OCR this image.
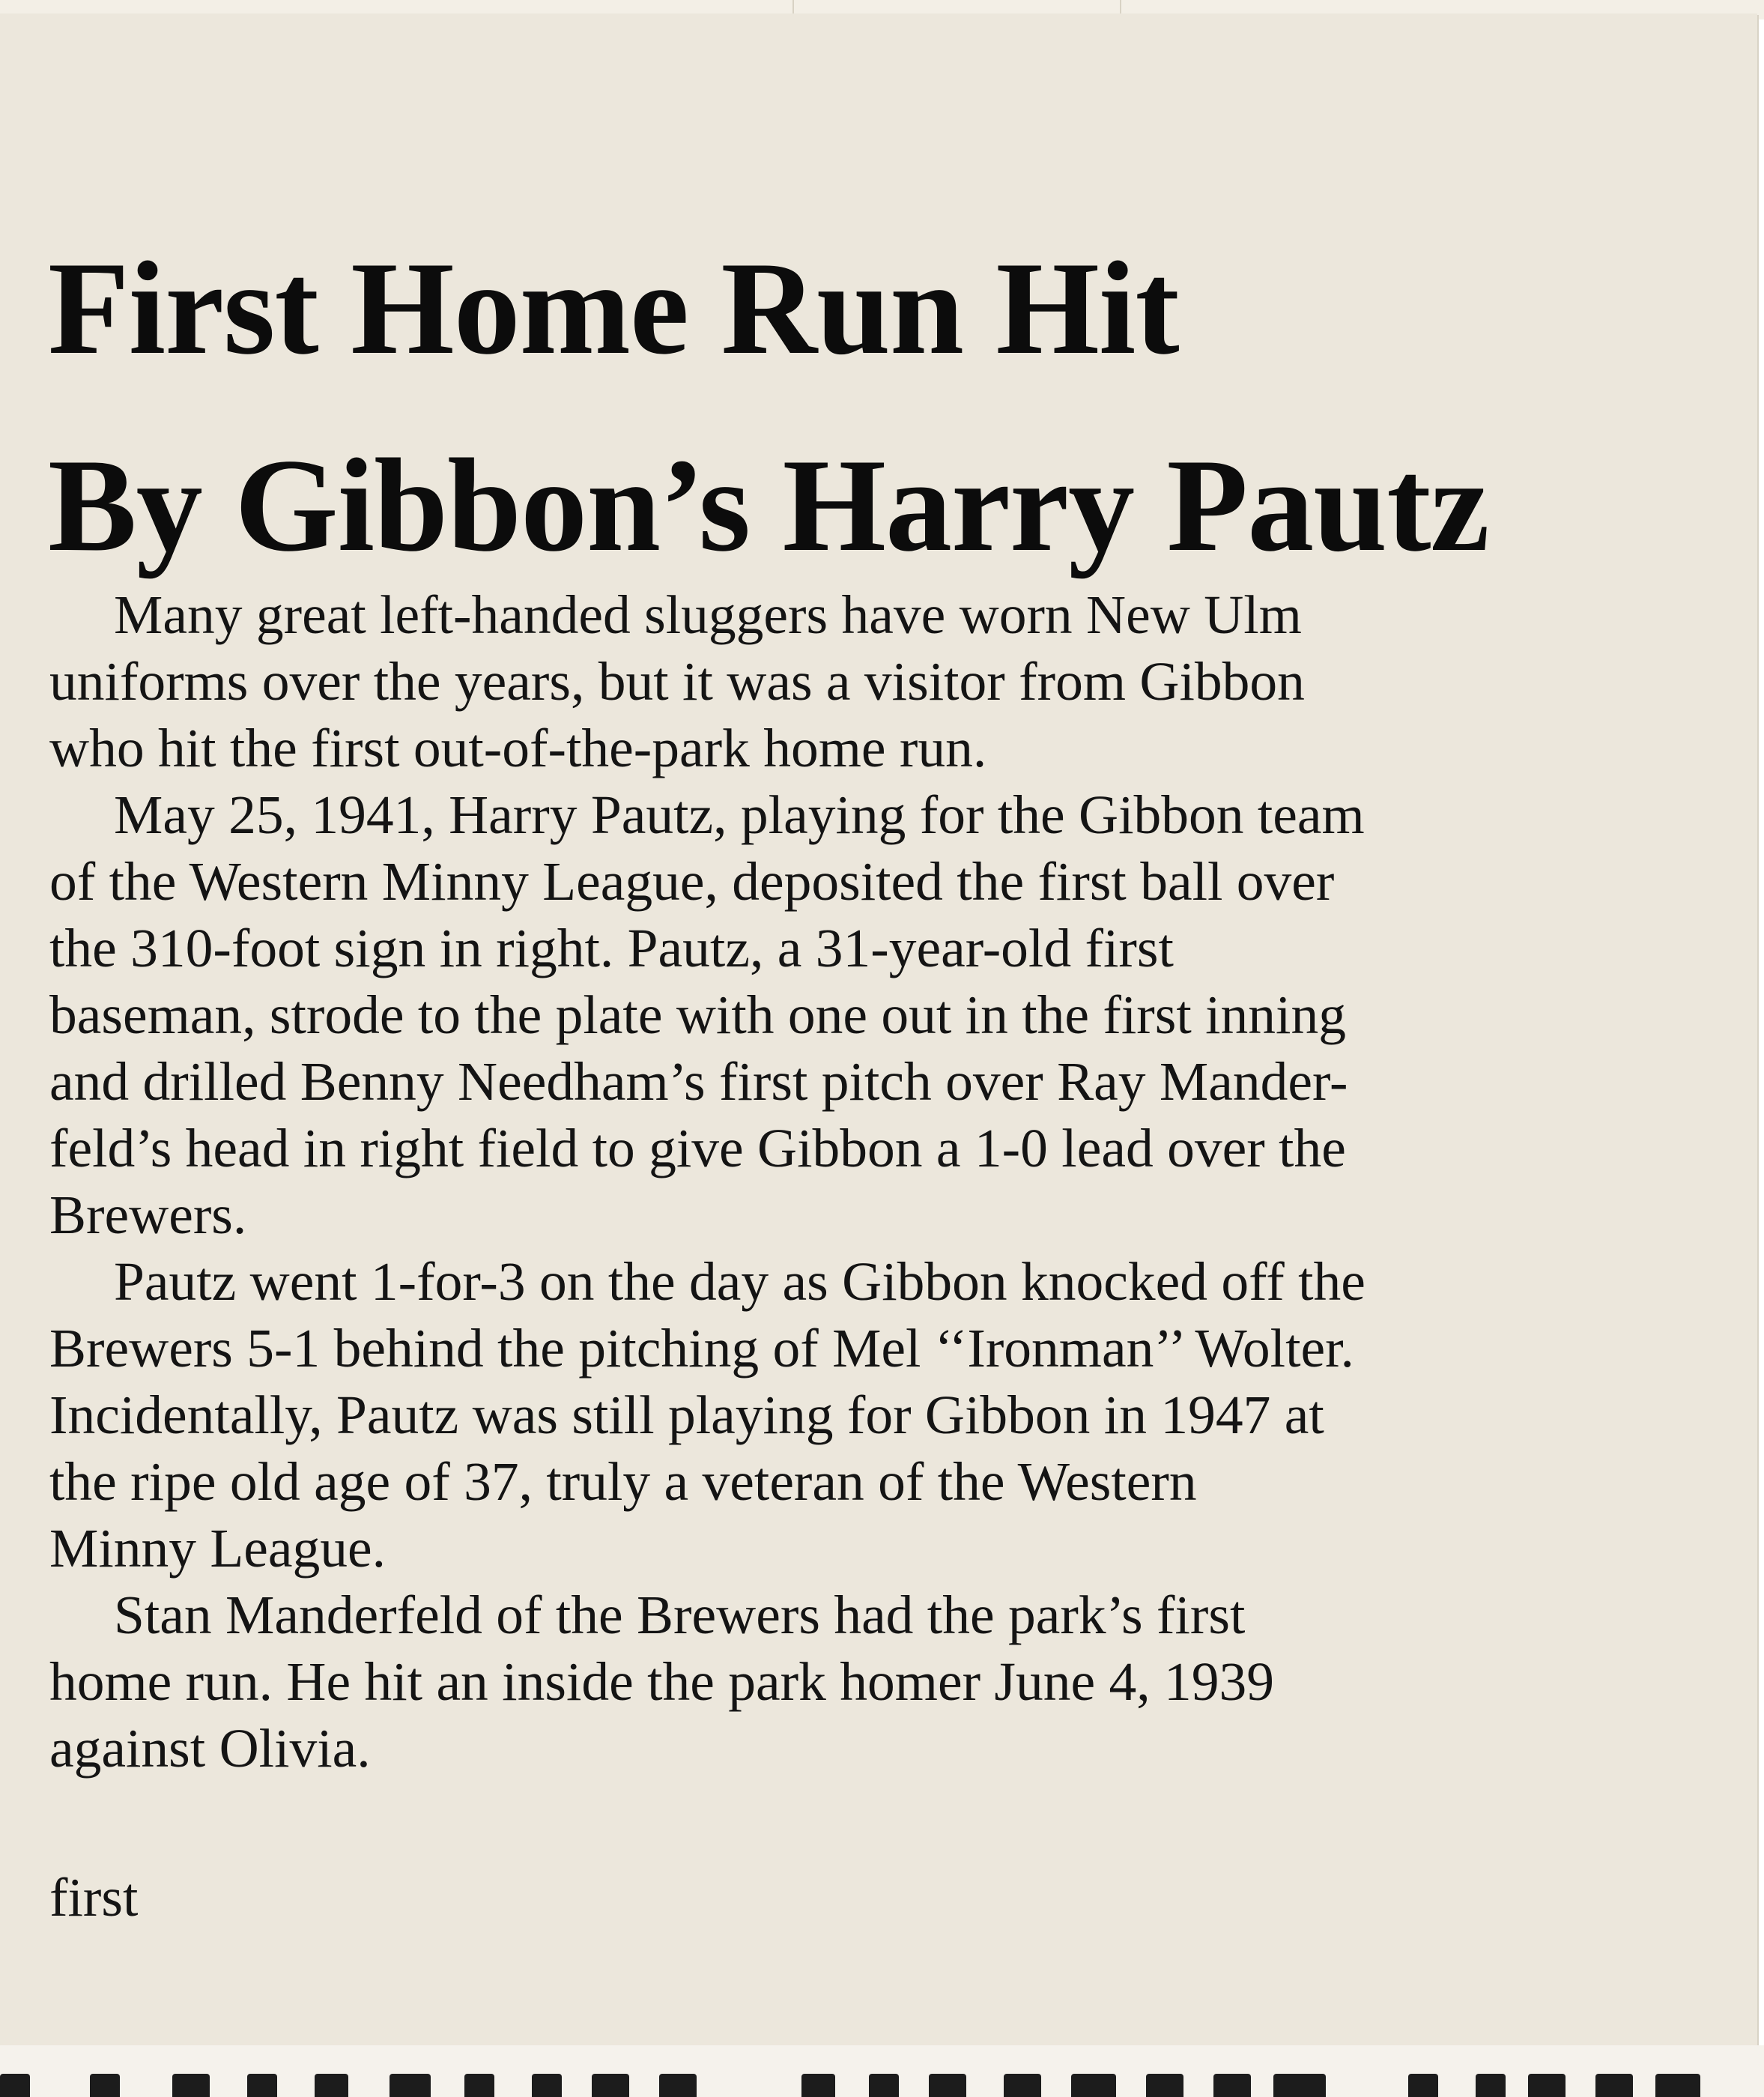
First Home Run Hit
By Gibbon’s Harry Pautz

Many great left-handed sluggers have worn New Ulm
uniforms over the years, but it was a visitor from Gibbon
who hit the first out-of-the-park home run.

May 25, 1941, Harry Pautz, playing for the Gibbon team
of the Western Minny League, deposited the first ball over
the 310-foot sign in right. Pautz, a 31-year-old first
baseman, strode to the plate with one out in the first inning
and drilled Benny Needham’s first pitch over Ray Mander-
feld’s head in right field to give Gibbon a 1-0 lead over the
Brewers.

Pautz went 1-for-3 on the day as Gibbon knocked off the
Brewers 5-1 behind the pitching of Mel ‘‘Ironman’’ Wolter.
Incidentally, Pautz was still playing for Gibbon in 1947 at
the ripe old age of 37, truly a veteran of the Western
Minny League.

Stan Manderfeld of the Brewers had the park’s first
home run. He hit an inside the park homer June 4, 1939
against Olivia.

first
